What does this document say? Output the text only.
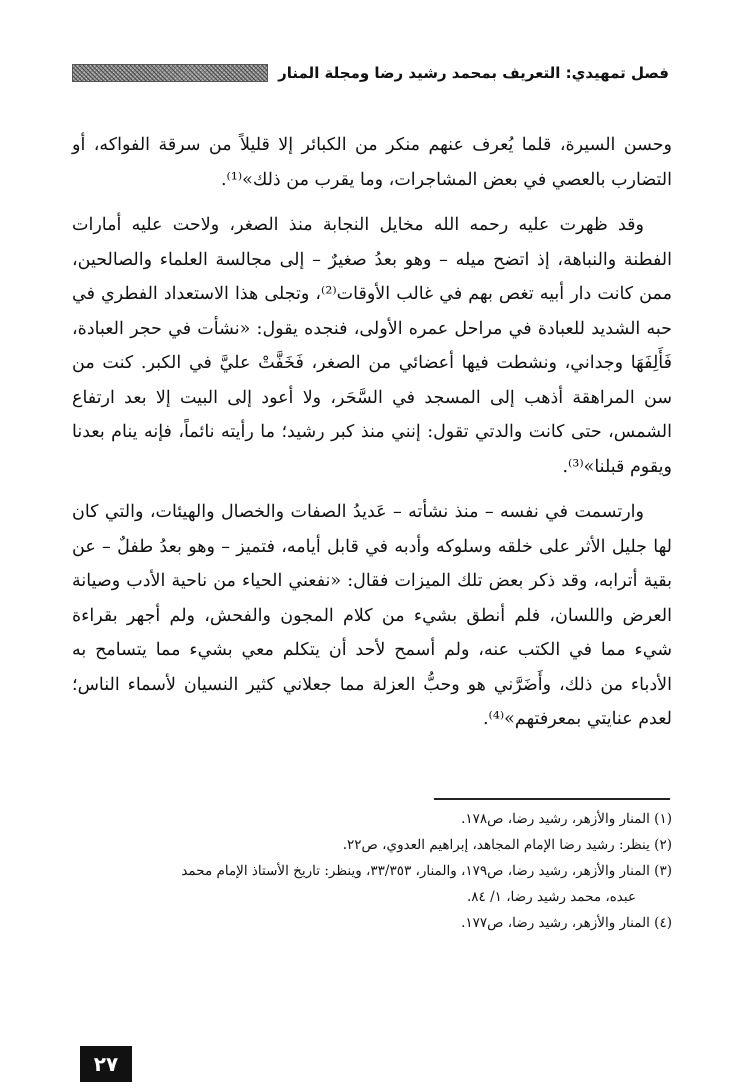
فصل تمهيدي: التعريف بمحمد رشيد رضا ومجلة المنار

وحسن السيرة، قلما يُعرف عنهم منكر من الكبائر إلا قليلاً من سرقة الفواكه، أو التضارب بالعصي في بعض المشاجرات، وما يقرب من ذلك»⁽¹⁾.

وقد ظهرت عليه رحمه الله مخايل النجابة منذ الصغر، ولاحت عليه أمارات الفطنة والنباهة، إذ اتضح ميله – وهو بعدُ صغيرٌ – إلى مجالسة العلماء والصالحين، ممن كانت دار أبيه تغص بهم في غالب الأوقات⁽²⁾، وتجلى هذا الاستعداد الفطري في حبه الشديد للعبادة في مراحل عمره الأولى، فنجده يقول: «نشأت في حجر العبادة، فَأَلِفَهَا وجداني، ونشطت فيها أعضائي من الصغر، فَخَفَّتْ عليَّ في الكبر. كنت من سن المراهقة أذهب إلى المسجد في السَّحَر، ولا أعود إلى البيت إلا بعد ارتفاع الشمس، حتى كانت والدتي تقول: إنني منذ كبر رشيد؛ ما رأيته نائماً، فإنه ينام بعدنا ويقوم قبلنا»⁽³⁾.

وارتسمت في نفسه – منذ نشأته – عَديدُ الصفات والخصال والهيئات، والتي كان لها جليل الأثر على خلقه وسلوكه وأدبه في قابل أيامه، فتميز – وهو بعدُ طفلٌ – عن بقية أترابه، وقد ذكر بعض تلك الميزات فقال: «نفعني الحياء من ناحية الأدب وصيانة العرض واللسان، فلم أنطق بشيء من كلام المجون والفحش، ولم أجهر بقراءة شيء مما في الكتب عنه، ولم أسمح لأحد أن يتكلم معي بشيء مما يتسامح به الأدباء من ذلك، وأَضَرَّني هو وحبُّ العزلة مما جعلاني كثير النسيان لأسماء الناس؛ لعدم عنايتي بمعرفتهم»⁽⁴⁾.

(١) المنار والأزهر، رشيد رضا، ص١٧٨.

(٢) ينظر: رشيد رضا الإمام المجاهد، إبراهيم العدوي، ص٢٢.

(٣) المنار والأزهر، رشيد رضا، ص١٧٩، والمنار، ٣٣/٣٥٣، وينظر: تاريخ الأستاذ الإمام محمد

عبده، محمد رشيد رضا، ١/ ٨٤.

(٤) المنار والأزهر، رشيد رضا، ص١٧٧.

٢٧
